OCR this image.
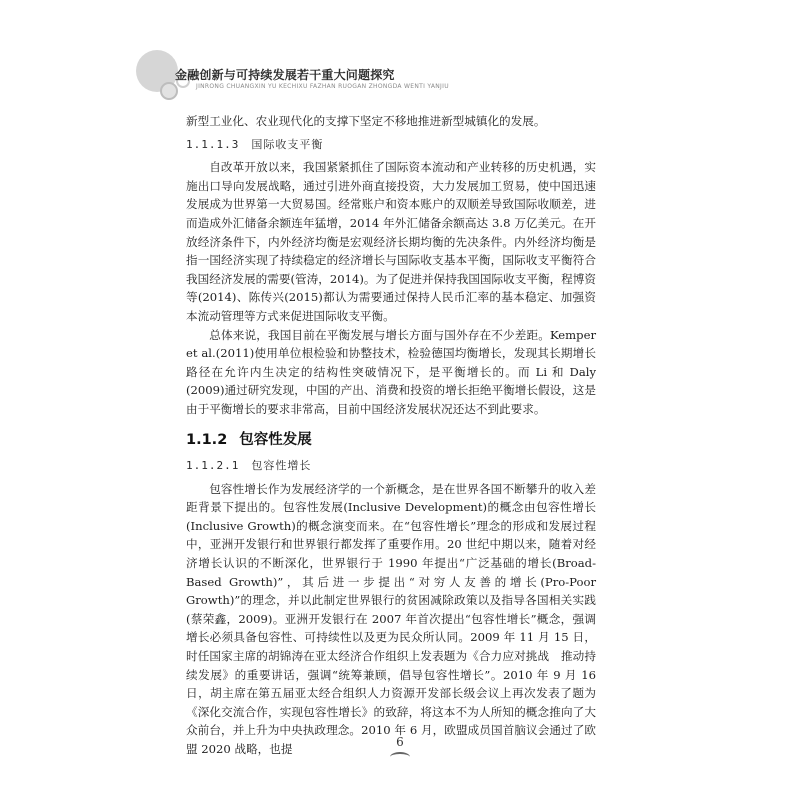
金融创新与可持续发展若干重大问题探究
JINRONG CHUANGXIN YU KECHIXU FAZHAN RUOGAN ZHONGDA WENTI YANJIU

新型工业化、农业现代化的支撑下坚定不移地推进新型城镇化的发展。

1.1.1.3　国际收支平衡

自改革开放以来，我国紧紧抓住了国际资本流动和产业转移的历史机遇，实施出口导向发展战略，通过引进外商直接投资，大力发展加工贸易，使中国迅速发展成为世界第一大贸易国。经常账户和资本账户的双顺差导致国际收顺差，进而造成外汇储备余额连年猛增，2014 年外汇储备余额高达 3.8 万亿美元。在开放经济条件下，内外经济均衡是宏观经济长期均衡的先决条件。内外经济均衡是指一国经济实现了持续稳定的经济增长与国际收支基本平衡，国际收支平衡符合我国经济发展的需要(管涛，2014)。为了促进并保持我国国际收支平衡，程博资等(2014)、陈传兴(2015)都认为需要通过保持人民币汇率的基本稳定、加强资本流动管理等方式来促进国际收支平衡。

总体来说，我国目前在平衡发展与增长方面与国外存在不少差距。Kemper et al.(2011)使用单位根检验和协整技术，检验德国均衡增长，发现其长期增长路径在允许内生决定的结构性突破情况下，是平衡增长的。而 Li 和 Daly (2009)通过研究发现，中国的产出、消费和投资的增长拒绝平衡增长假设，这是由于平衡增长的要求非常高，目前中国经济发展状况还达不到此要求。

1.1.2 包容性发展
1.1.2.1　包容性增长

包容性增长作为发展经济学的一个新概念，是在世界各国不断攀升的收入差距背景下提出的。包容性发展(Inclusive Development)的概念由包容性增长(Inclusive Growth)的概念演变而来。在“包容性增长”理念的形成和发展过程中，亚洲开发银行和世界银行都发挥了重要作用。20 世纪中期以来，随着对经济增长认识的不断深化，世界银行于 1990 年提出“广泛基础的增长(Broad-Based Growth)”，其后进一步提出“对穷人友善的增长(Pro-Poor Growth)”的理念，并以此制定世界银行的贫困减除政策以及指导各国相关实践(蔡荣鑫，2009)。亚洲开发银行在 2007 年首次提出“包容性增长”概念，强调增长必须具备包容性、可持续性以及更为民众所认同。2009 年 11 月 15 日，时任国家主席的胡锦涛在亚太经济合作组织上发表题为《合力应对挑战　推动持续发展》的重要讲话，强调“统筹兼顾，倡导包容性增长”。2010 年 9 月 16 日，胡主席在第五届亚太经合组织人力资源开发部长级会议上再次发表了题为《深化交流合作，实现包容性增长》的致辞，将这本不为人所知的概念推向了大众前台，并上升为中央执政理念。2010 年 6 月，欧盟成员国首脑议会通过了欧盟 2020 战略，也提	6
